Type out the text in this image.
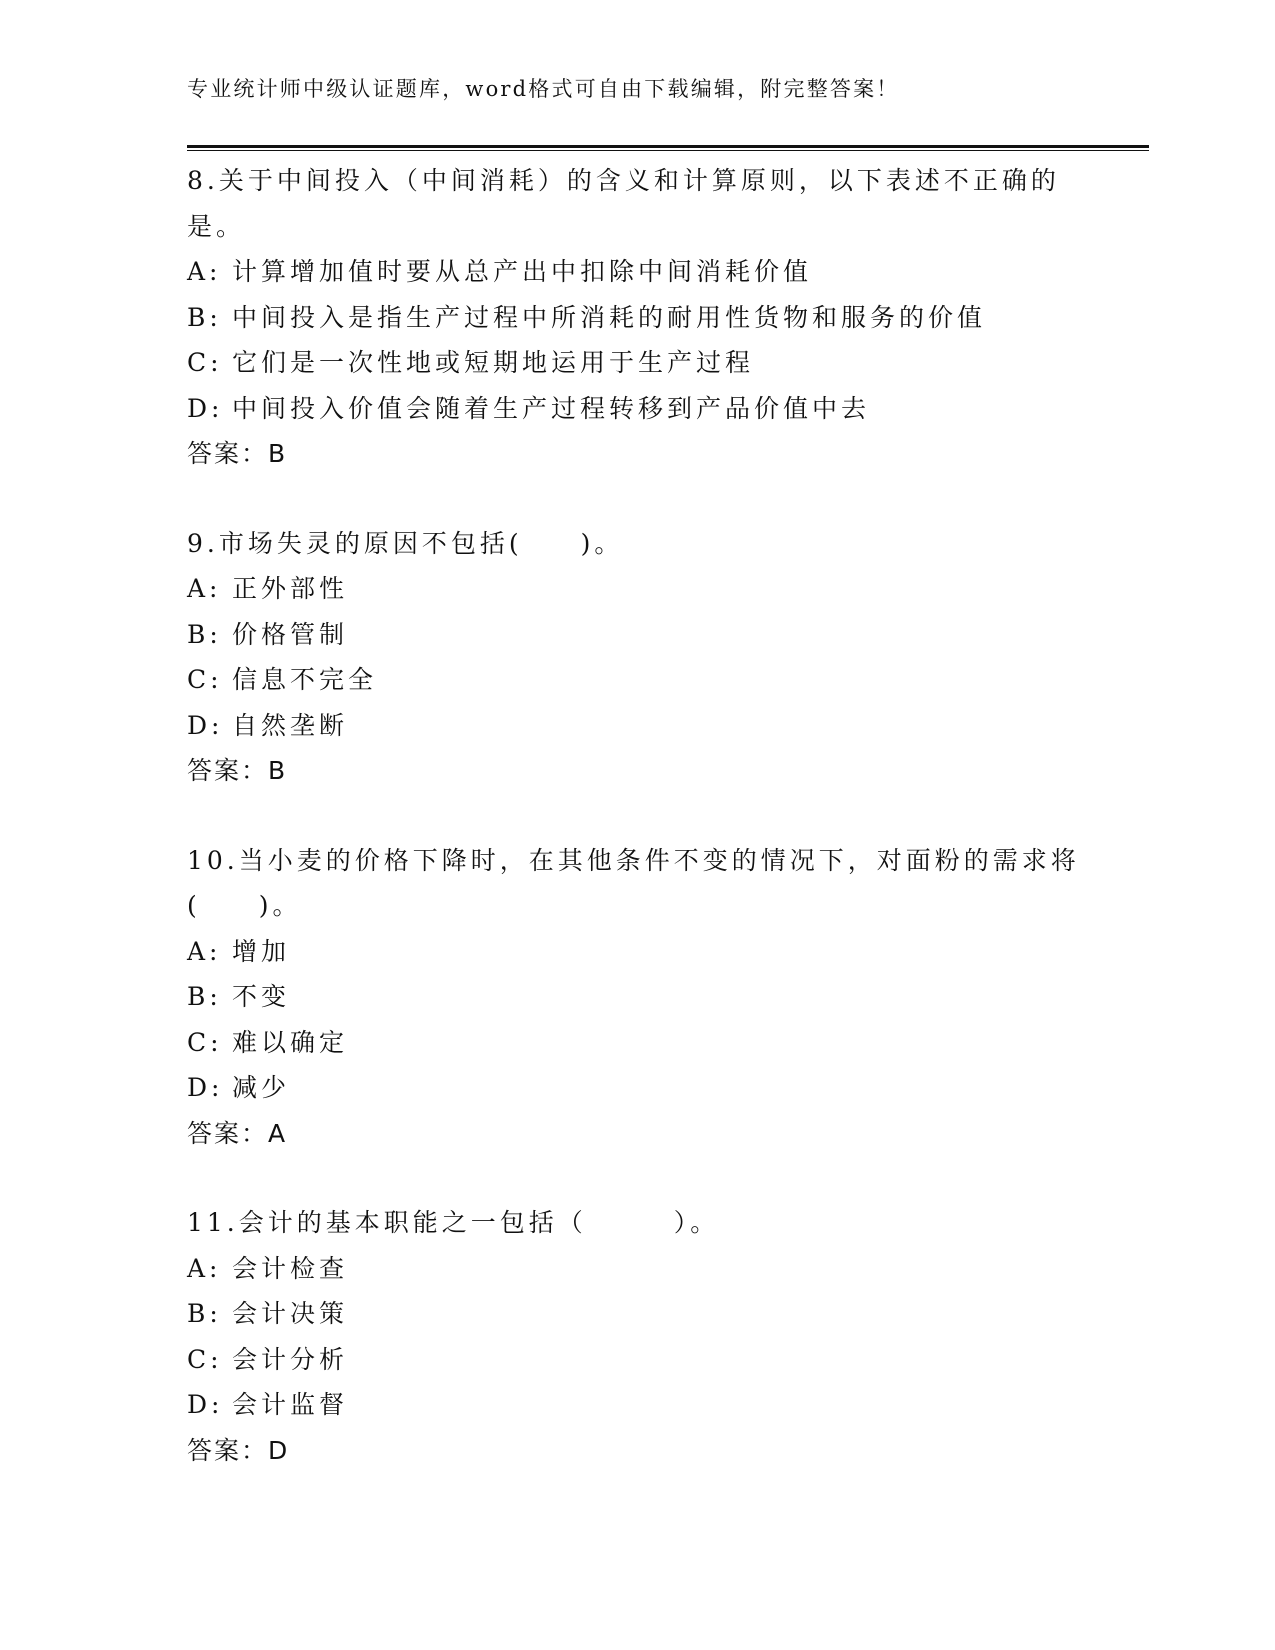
专业统计师中级认证题库，word格式可自由下载编辑，附完整答案！
8.关于中间投入（中间消耗）的含义和计算原则，以下表述不正确的
是。
A: 计算增加值时要从总产出中扣除中间消耗价值
B: 中间投入是指生产过程中所消耗的耐用性货物和服务的价值
C: 它们是一次性地或短期地运用于生产过程
D: 中间投入价值会随着生产过程转移到产品价值中去
答案：B
9.市场失灵的原因不包括(　　)。
A: 正外部性
B: 价格管制
C: 信息不完全
D: 自然垄断
答案：B
10.当小麦的价格下降时，在其他条件不变的情况下，对面粉的需求将
(　　)。
A: 增加
B: 不变
C: 难以确定
D: 减少
答案：A
11.会计的基本职能之一包括（　　　）。
A: 会计检查
B: 会计决策
C: 会计分析
D: 会计监督
答案：D
